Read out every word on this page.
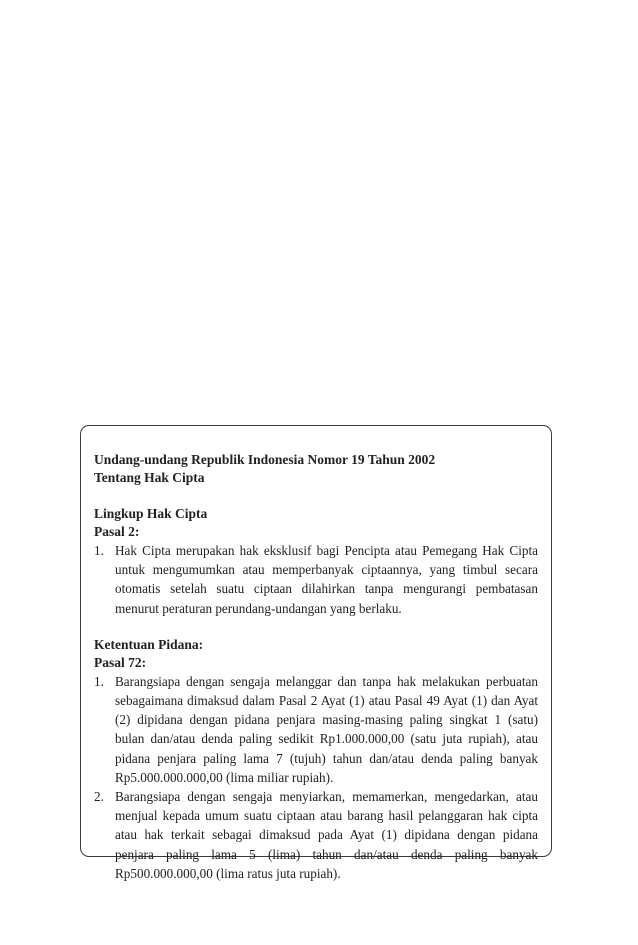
Undang-undang Republik Indonesia Nomor 19 Tahun 2002
Tentang Hak Cipta
Lingkup Hak Cipta
Pasal 2:
1. Hak Cipta merupakan hak eksklusif bagi Pencipta atau Pemegang Hak Cipta untuk mengumumkan atau memperbanyak ciptaannya, yang timbul secara otomatis setelah suatu ciptaan dilahirkan tanpa mengurangi pembatasan menurut peraturan perundang-undangan yang berlaku.
Ketentuan Pidana:
Pasal 72:
1. Barangsiapa dengan sengaja melanggar dan tanpa hak melakukan perbuatan sebagaimana dimaksud dalam Pasal 2 Ayat (1) atau Pasal 49 Ayat (1) dan Ayat (2) dipidana dengan pidana penjara masing-masing paling singkat 1 (satu) bulan dan/atau denda paling sedikit Rp1.000.000,00 (satu juta rupiah), atau pidana penjara paling lama 7 (tujuh) tahun dan/atau denda paling banyak Rp5.000.000.000,00 (lima miliar rupiah).
2. Barangsiapa dengan sengaja menyiarkan, memamerkan, mengedarkan, atau menjual kepada umum suatu ciptaan atau barang hasil pelanggaran hak cipta atau hak terkait sebagai dimaksud pada Ayat (1) dipidana dengan pidana penjara paling lama 5 (lima) tahun dan/atau denda paling banyak Rp500.000.000,00 (lima ratus juta rupiah).
